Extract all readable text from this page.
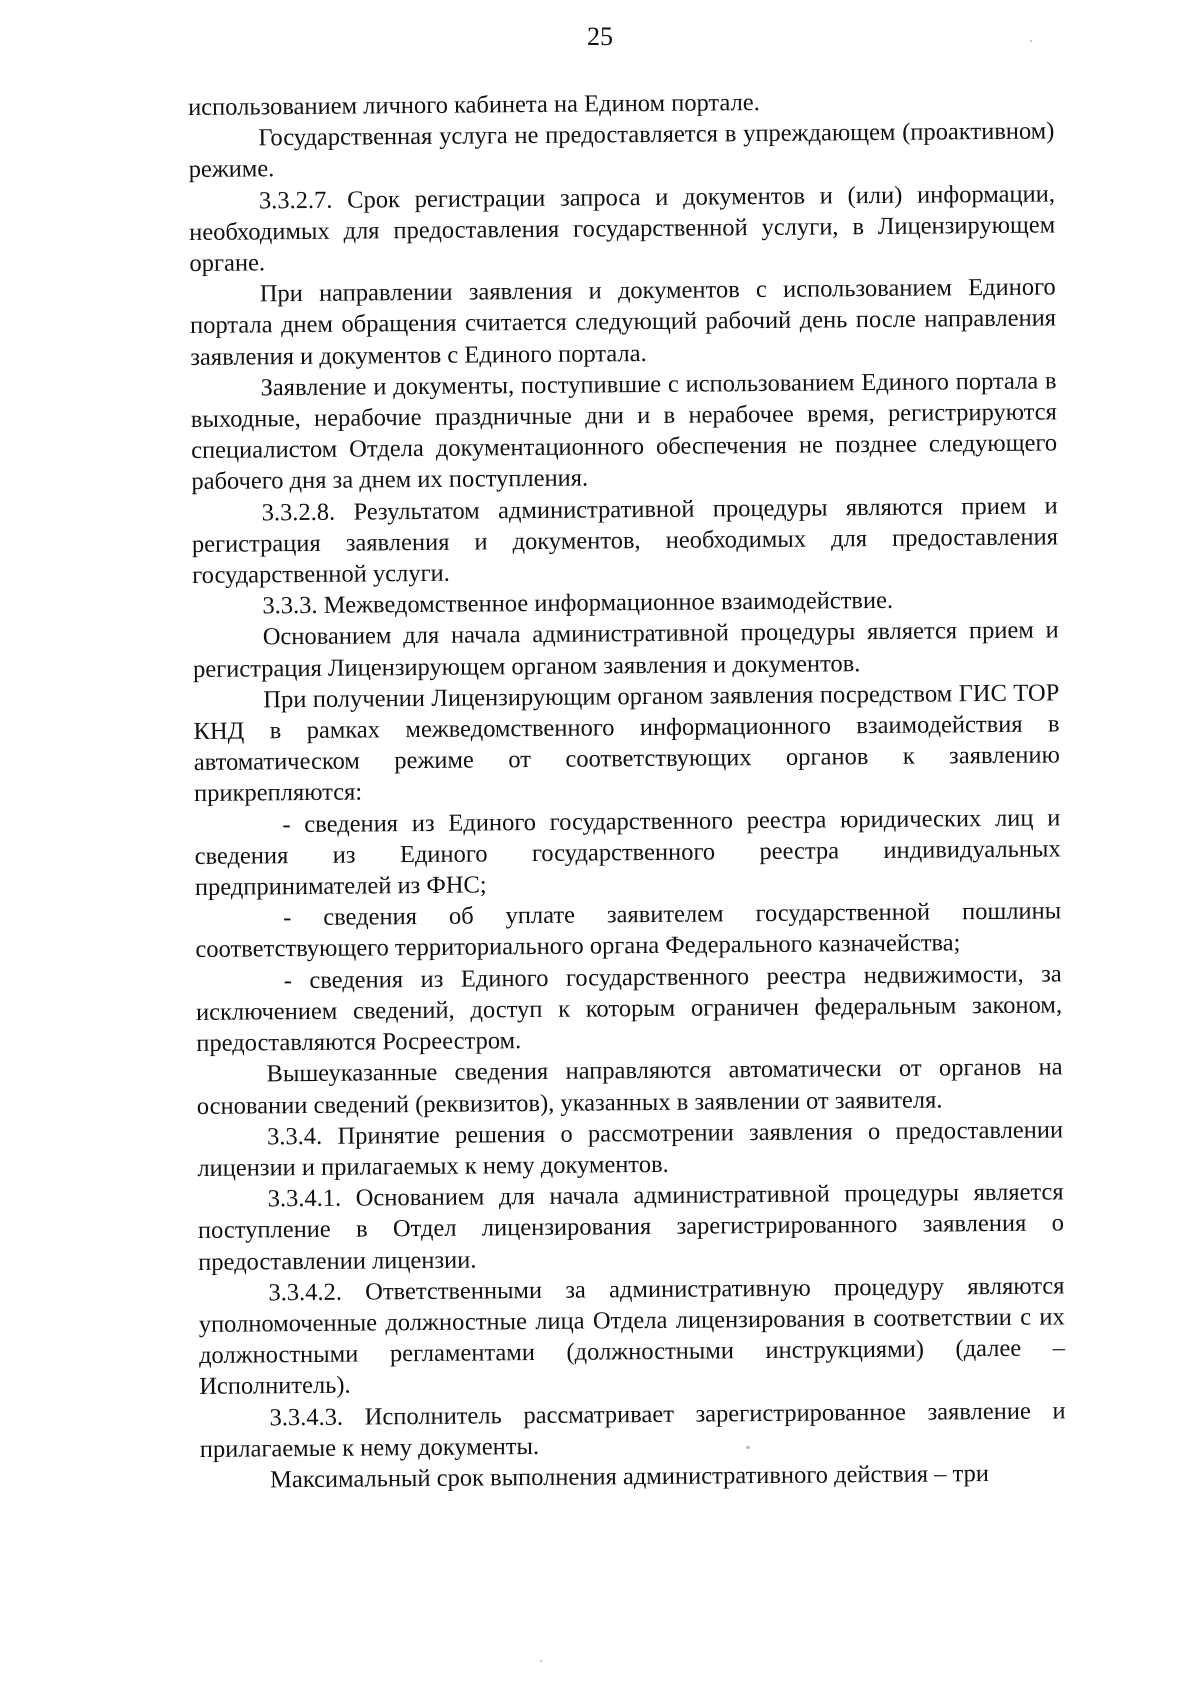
25

использованием личного кабинета на Едином портале.

Государственная услуга не предоставляется в упреждающем (проактивном) режиме.

3.3.2.7. Срок регистрации запроса и документов и (или) информации, необходимых для предоставления государственной услуги, в Лицензирующем органе.

При направлении заявления и документов с использованием Единого портала днем обращения считается следующий рабочий день после направления заявления и документов с Единого портала.

Заявление и документы, поступившие с использованием Единого портала в выходные, нерабочие праздничные дни и в нерабочее время, регистрируются специалистом Отдела документационного обеспечения не позднее следующего рабочего дня за днем их поступления.

3.3.2.8. Результатом административной процедуры являются прием и регистрация заявления и документов, необходимых для предоставления государственной услуги.

3.3.3. Межведомственное информационное взаимодействие.

Основанием для начала административной процедуры является прием и регистрация Лицензирующем органом заявления и документов.

При получении Лицензирующим органом заявления посредством ГИС ТОР КНД в рамках межведомственного информационного взаимодействия в автоматическом режиме от соответствующих органов к заявлению прикрепляются:

- сведения из Единого государственного реестра юридических лиц и сведения из Единого государственного реестра индивидуальных предпринимателей из ФНС;

- сведения об уплате заявителем государственной пошлины соответствующего территориального органа Федерального казначейства;

- сведения из Единого государственного реестра недвижимости, за исключением сведений, доступ к которым ограничен федеральным законом, предоставляются Росреестром.

Вышеуказанные сведения направляются автоматически от органов на основании сведений (реквизитов), указанных в заявлении от заявителя.

3.3.4. Принятие решения о рассмотрении заявления о предоставлении лицензии и прилагаемых к нему документов.

3.3.4.1. Основанием для начала административной процедуры является поступление в Отдел лицензирования зарегистрированного заявления о предоставлении лицензии.

3.3.4.2. Ответственными за административную процедуру являются уполномоченные должностные лица Отдела лицензирования в соответствии с их должностными регламентами (должностными инструкциями) (далее – Исполнитель).

3.3.4.3. Исполнитель рассматривает зарегистрированное заявление и прилагаемые к нему документы.

Максимальный срок выполнения административного действия – три
